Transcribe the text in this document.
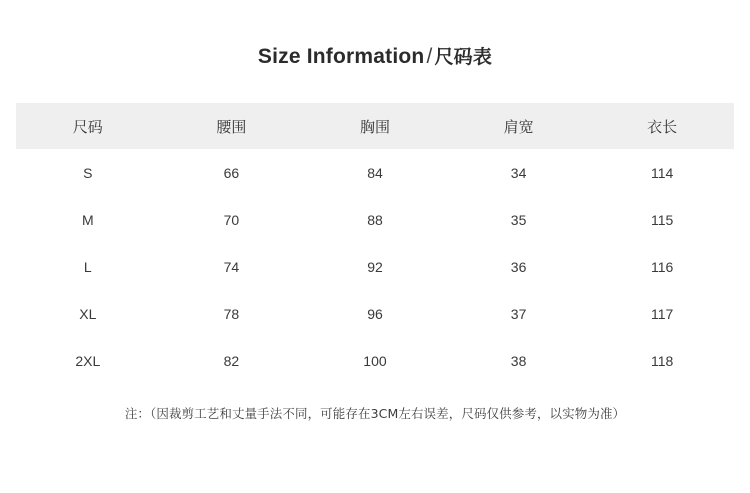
Size Information/ 尺码表
尺码	腰围	胸围	肩宽	衣长
S	66	84	34	114
M	70	88	35	115
L	74	92	36	116
XL	78	96	37	117
2XL	82	100	38	118
注：（因裁剪工艺和丈量手法不同，可能存在3CM左右误差，尺码仅供参考，以实物为准）
